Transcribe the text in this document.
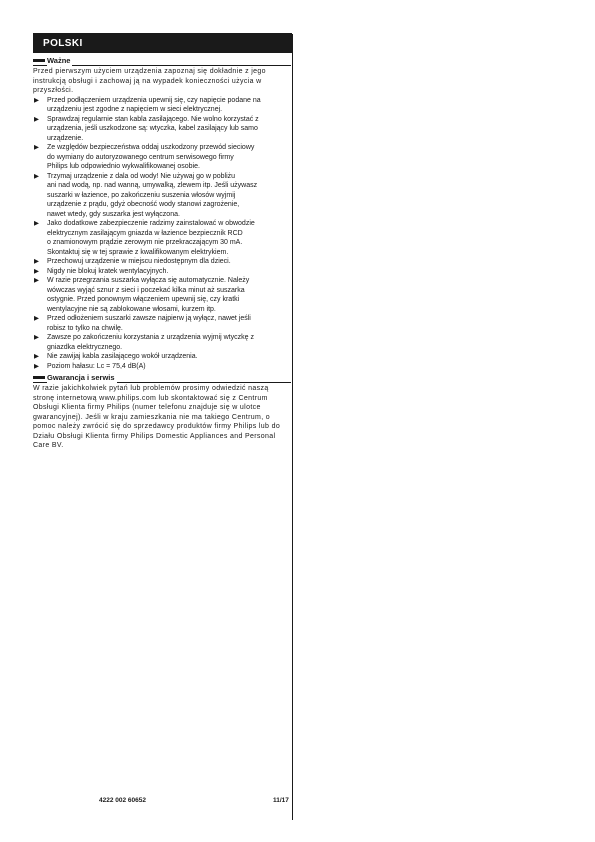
POLSKI
Ważne

Przed pierwszym użyciem urządzenia zapoznaj się dokładnie z jego
instrukcją obsługi i zachowaj ją na wypadek konieczności użycia w
przyszłości.

▶ Przed podłączeniem urządzenia upewnij się, czy napięcie podane na
urządzeniu jest zgodne z napięciem w sieci elektrycznej.
▶ Sprawdzaj regularnie stan kabla zasilającego. Nie wolno korzystać z
urządzenia, jeśli uszkodzone są: wtyczka, kabel zasilający lub samo
urządzenie.
▶ Ze względów bezpieczeństwa oddaj uszkodzony przewód sieciowy
do wymiany do autoryzowanego centrum serwisowego firmy
Philips lub odpowiednio wykwalifikowanej osobie.
▶ Trzymaj urządzenie z dala od wody! Nie używaj go w pobliżu
ani nad wodą, np. nad wanną, umywalką, zlewem itp. Jeśli używasz
suszarki w łazience, po zakończeniu suszenia włosów wyjmij
urządzenie z prądu, gdyż obecność wody stanowi zagrożenie,
nawet wtedy, gdy suszarka jest wyłączona.
▶ Jako dodatkowe zabezpieczenie radzimy zainstalować w obwodzie
elektrycznym zasilającym gniazda w łazience bezpiecznik RCD
o znamionowym prądzie zerowym nie przekraczającym 30 mA.
Skontaktuj się w tej sprawie z kwalifikowanym elektrykiem.
▶ Przechowuj urządzenie w miejscu niedostępnym dla dzieci.
▶ Nigdy nie blokuj kratek wentylacyjnych.
▶ W razie przegrzania suszarka wyłącza się automatycznie. Należy
wówczas wyjąć sznur z sieci i poczekać kilka minut aż suszarka
ostygnie. Przed ponownym włączeniem upewnij się, czy kratki
wentylacyjne nie są zablokowane włosami, kurzem itp.
▶ Przed odłożeniem suszarki zawsze najpierw ją wyłącz, nawet jeśli
robisz to tylko na chwilę.
▶ Zawsze po zakończeniu korzystania z urządzenia wyjmij wtyczkę z
gniazdka elektrycznego.
▶ Nie zawijaj kabla zasilającego wokół urządzenia.
▶ Poziom hałasu: Lc = 75,4 dB(A)
Gwarancja i serwis

W razie jakichkolwiek pytań lub problemów prosimy odwiedzić naszą
stronę internetową www.philips.com lub skontaktować się z Centrum
Obsługi Klienta firmy Philips (numer telefonu znajduje się w ulotce
gwarancyjnej). Jeśli w kraju zamieszkania nie ma takiego Centrum, o
pomoc należy zwrócić się do sprzedawcy produktów firmy Philips lub do
Działu Obsługi Klienta firmy Philips Domestic Appliances and Personal
Care BV.

4222 002 60652	11/17
